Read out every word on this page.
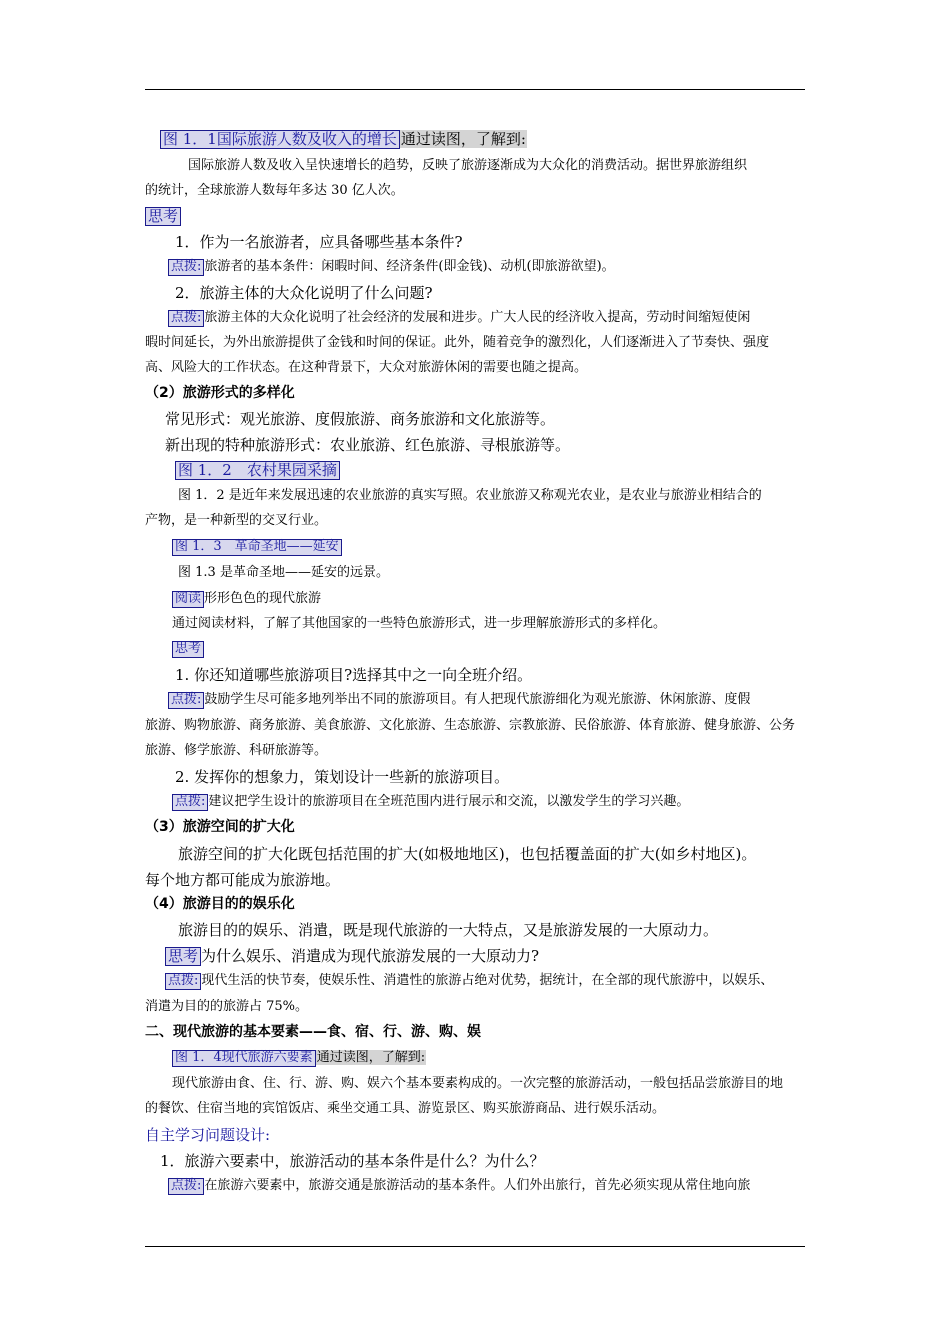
图 1．1国际旅游人数及收入的增长 通过读图，了解到:
国际旅游人数及收入呈快速增长的趋势，反映了旅游逐渐成为大众化的消费活动。据世界旅游组织
的统计，全球旅游人数每年多达 30 亿人次。
思考
1．作为一名旅游者，应具备哪些基本条件?
点拨: 旅游者的基本条件：闲暇时间、经济条件(即金钱)、动机(即旅游欲望)。
2．旅游主体的大众化说明了什么问题?
点拨: 旅游主体的大众化说明了社会经济的发展和进步。广大人民的经济收入提高，劳动时间缩短使闲
暇时间延长，为外出旅游提供了金钱和时间的保证。此外，随着竞争的激烈化，人们逐渐进入了节奏快、强度
高、风险大的工作状态。在这种背景下，大众对旅游休闲的需要也随之提高。
（2）旅游形式的多样化
常见形式：观光旅游、度假旅游、商务旅游和文化旅游等。
新出现的特种旅游形式：农业旅游、红色旅游、寻根旅游等。
图 1．2　农村果园采摘
图 1．2 是近年来发展迅速的农业旅游的真实写照。农业旅游又称观光农业，是农业与旅游业相结合的
产物，是一种新型的交叉行业。
图 1．3　革命圣地——延安
图 1.3 是革命圣地——延安的远景。
阅读 形形色色的现代旅游
通过阅读材料，了解了其他国家的一些特色旅游形式，进一步理解旅游形式的多样化。
思考
1. 你还知道哪些旅游项目?选择其中之一向全班介绍。
点拨: 鼓励学生尽可能多地列举出不同的旅游项目。有人把现代旅游细化为观光旅游、休闲旅游、度假
旅游、购物旅游、商务旅游、美食旅游、文化旅游、生态旅游、宗教旅游、民俗旅游、体育旅游、健身旅游、公务
旅游、修学旅游、科研旅游等。
2. 发挥你的想象力，策划设计一些新的旅游项目。
点拨: 建议把学生设计的旅游项目在全班范围内进行展示和交流，以激发学生的学习兴趣。
（3）旅游空间的扩大化
旅游空间的扩大化既包括范围的扩大(如极地地区)，也包括覆盖面的扩大(如乡村地区)。
每个地方都可能成为旅游地。
（4）旅游目的的娱乐化
旅游目的的娱乐、消遣，既是现代旅游的一大特点，又是旅游发展的一大原动力。
思考 为什么娱乐、消遣成为现代旅游发展的一大原动力?
点拨: 现代生活的快节奏，使娱乐性、消遣性的旅游占绝对优势，据统计，在全部的现代旅游中，以娱乐、
消遣为目的的旅游占 75%。
二、现代旅游的基本要素——食、宿、行、游、购、娱
图 1．4现代旅游六要素 通过读图，了解到:
现代旅游由食、住、行、游、购、娱六个基本要素构成的。一次完整的旅游活动，一般包括品尝旅游目的地
的餐饮、住宿当地的宾馆饭店、乘坐交通工具、游览景区、购买旅游商品、进行娱乐活动。
自主学习问题设计:
1．旅游六要素中，旅游活动的基本条件是什么？为什么？
点拨: 在旅游六要素中，旅游交通是旅游活动的基本条件。人们外出旅行，首先必须实现从常住地向旅
